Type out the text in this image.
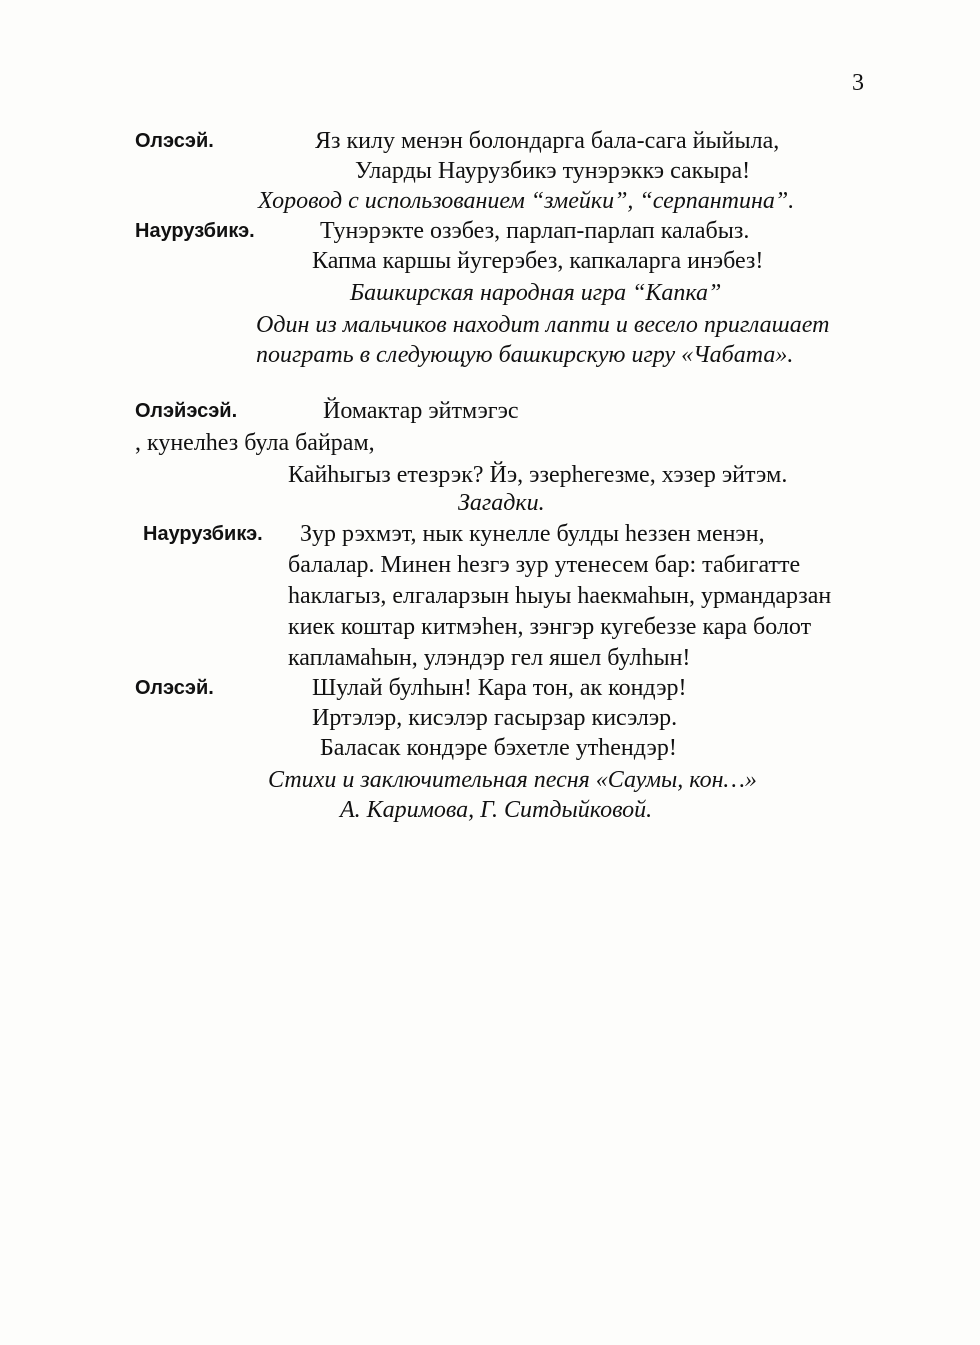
3
Олэсэй.	Яз килу менэн болондарга бала-сага йыйыла,
Уларды Наурузбикэ тунэрэккэ сакыра!
Хоровод с использованием “змейки”, “серпантина”.
Наурузбикэ.	Тунэрэкте озэбез, парлап-парлап калабыз.
Капма каршы йугерэбез, капкаларга инэбез!
Башкирская народная игра “Капка”
Один из мальчиков находит лапти и весело приглашает
поиграть в следующую башкирскую игру «Чабата».
Олэйэсэй.	Йомактар эйтмэгэс
, кунелhез була байрам,
Кайhыгыз етезрэк? Йэ, эзерhегезме, хэзер эйтэм.
Загадки.
Наурузбикэ. Зур рэхмэт, нык кунелле булды hеззен менэн,
балалар. Минен hезгэ зур утенесем бар: табигатте
hаклагыз, елгаларзын hыуы hаекмаhын, урмандарзан
киек коштар китмэhен, зэнгэр кугебеззе кара болот
капламаhын, улэндэр гел яшел булhын!
Олэсэй.	Шулай булhын! Кара тон, ак кондэр!
Иртэлэр, кисэлэр гасырзар кисэлэр.
Баласак кондэре бэхетле утhендэр!
Стихи и заключительная песня «Саумы, кон…»
А. Каримова, Г. Ситдыйковой.
